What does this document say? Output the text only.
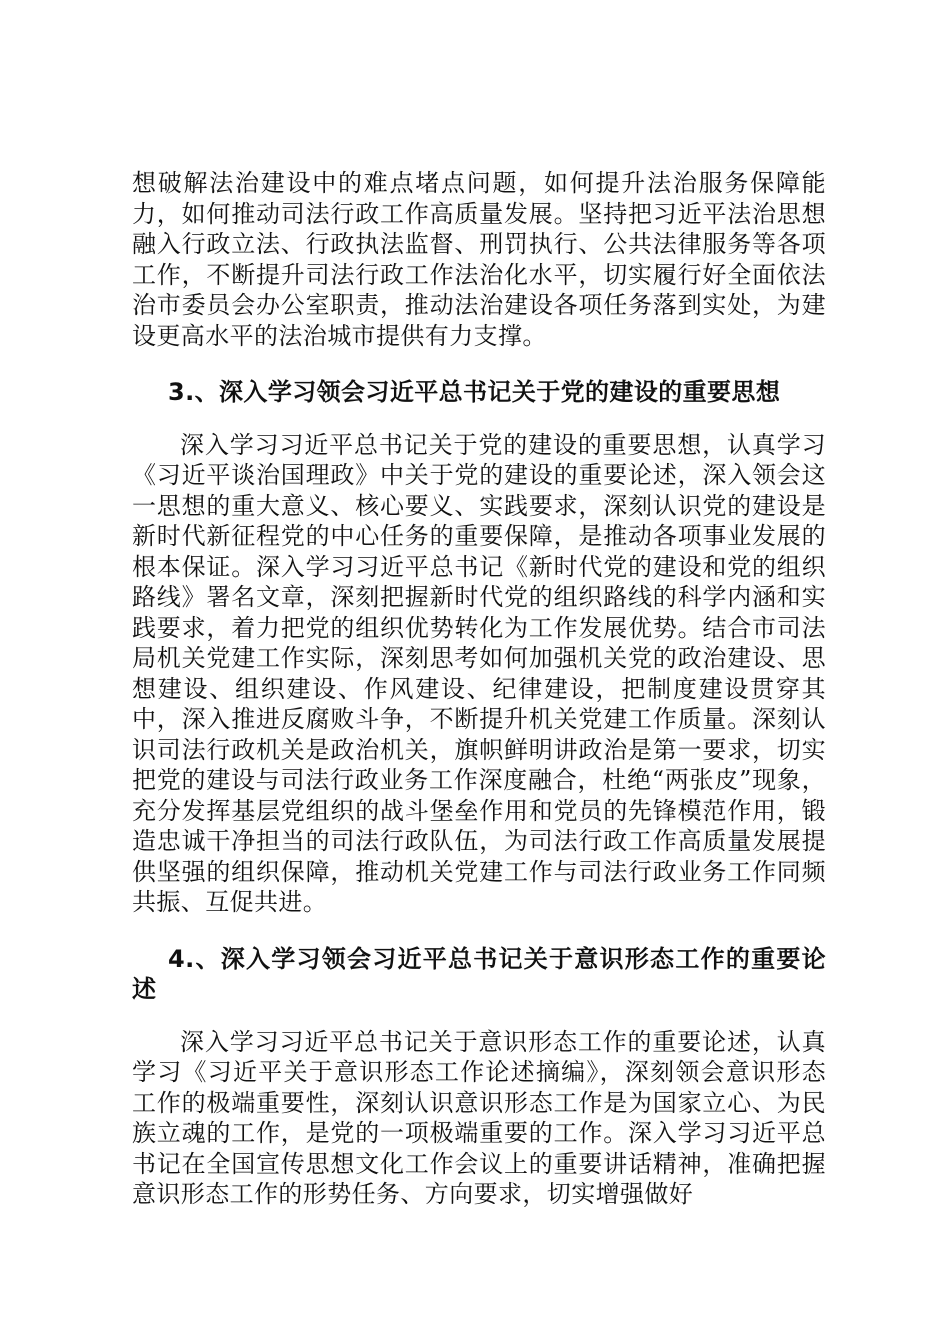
想破解法治建设中的难点堵点问题，如何提升法治服务保障能力，如何推动司法行政工作高质量发展。坚持把习近平法治思想融入行政立法、行政执法监督、刑罚执行、公共法律服务等各项工作，不断提升司法行政工作法治化水平，切实履行好全面依法治市委员会办公室职责，推动法治建设各项任务落到实处，为建设更高水平的法治城市提供有力支撑。

3.、深入学习领会习近平总书记关于党的建设的重要思想

深入学习习近平总书记关于党的建设的重要思想，认真学习《习近平谈治国理政》中关于党的建设的重要论述，深入领会这一思想的重大意义、核心要义、实践要求，深刻认识党的建设是新时代新征程党的中心任务的重要保障，是推动各项事业发展的根本保证。深入学习习近平总书记《新时代党的建设和党的组织路线》署名文章，深刻把握新时代党的组织路线的科学内涵和实践要求，着力把党的组织优势转化为工作发展优势。结合市司法局机关党建工作实际，深刻思考如何加强机关党的政治建设、思想建设、组织建设、作风建设、纪律建设，把制度建设贯穿其中，深入推进反腐败斗争，不断提升机关党建工作质量。深刻认识司法行政机关是政治机关，旗帜鲜明讲政治是第一要求，切实把党的建设与司法行政业务工作深度融合，杜绝“两张皮”现象，充分发挥基层党组织的战斗堡垒作用和党员的先锋模范作用，锻造忠诚干净担当的司法行政队伍，为司法行政工作高质量发展提供坚强的组织保障，推动机关党建工作与司法行政业务工作同频共振、互促共进。

4.、深入学习领会习近平总书记关于意识形态工作的重要论述

深入学习习近平总书记关于意识形态工作的重要论述，认真学习《习近平关于意识形态工作论述摘编》，深刻领会意识形态工作的极端重要性，深刻认识意识形态工作是为国家立心、为民族立魂的工作，是党的一项极端重要的工作。深入学习习近平总书记在全国宣传思想文化工作会议上的重要讲话精神，准确把握意识形态工作的形势任务、方向要求，切实增强做好
